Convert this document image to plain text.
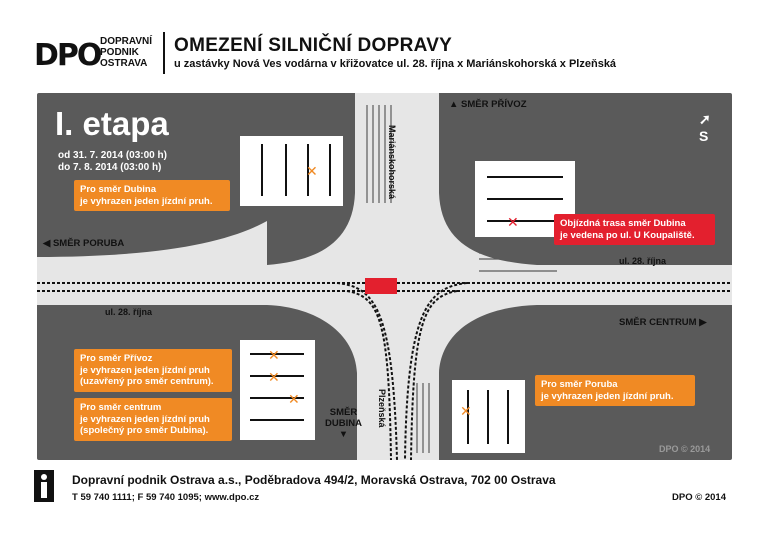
DPO DOPRAVNÍ
PODNIK
OSTRAVA
OMEZENÍ SILNIČNÍ DOPRAVY
u zastávky Nová Ves vodárna v křižovatce ul. 28. října x Mariánskohorská x Plzeňská
I. etapa
od 31. 7. 2014 (03:00 h)
do 7. 8. 2014 (03:00 h)	✕
✕
✕
✕
✕
✕
Pro směr Dubina
je vyhrazen jeden jízdní pruh.
Objízdná trasa směr Dubina
je vedena po ul. U Koupaliště.
Pro směr Přívoz
je vyhrazen jeden jízdní pruh
(uzavřený pro směr centrum).
Pro směr centrum
je vyhrazen jeden jízdní pruh
(společný pro směr Dubina).
Pro směr Poruba
je vyhrazen jeden jízdní pruh.
▲ SMĚR PŘÍVOZ
◀ SMĚR PORUBA
SMĚR CENTRUM ▶
SMĚR
DUBINA
▼
Mariánskohorská
ul. 28. října
ul. 28. října
Plzeňská
➚
S
DPO © 2014
Dopravní podnik Ostrava a.s., Poděbradova 494/2, Moravská Ostrava, 702 00 Ostrava
T 59 740 1111; F 59 740 1095; www.dpo.cz	DPO © 2014
